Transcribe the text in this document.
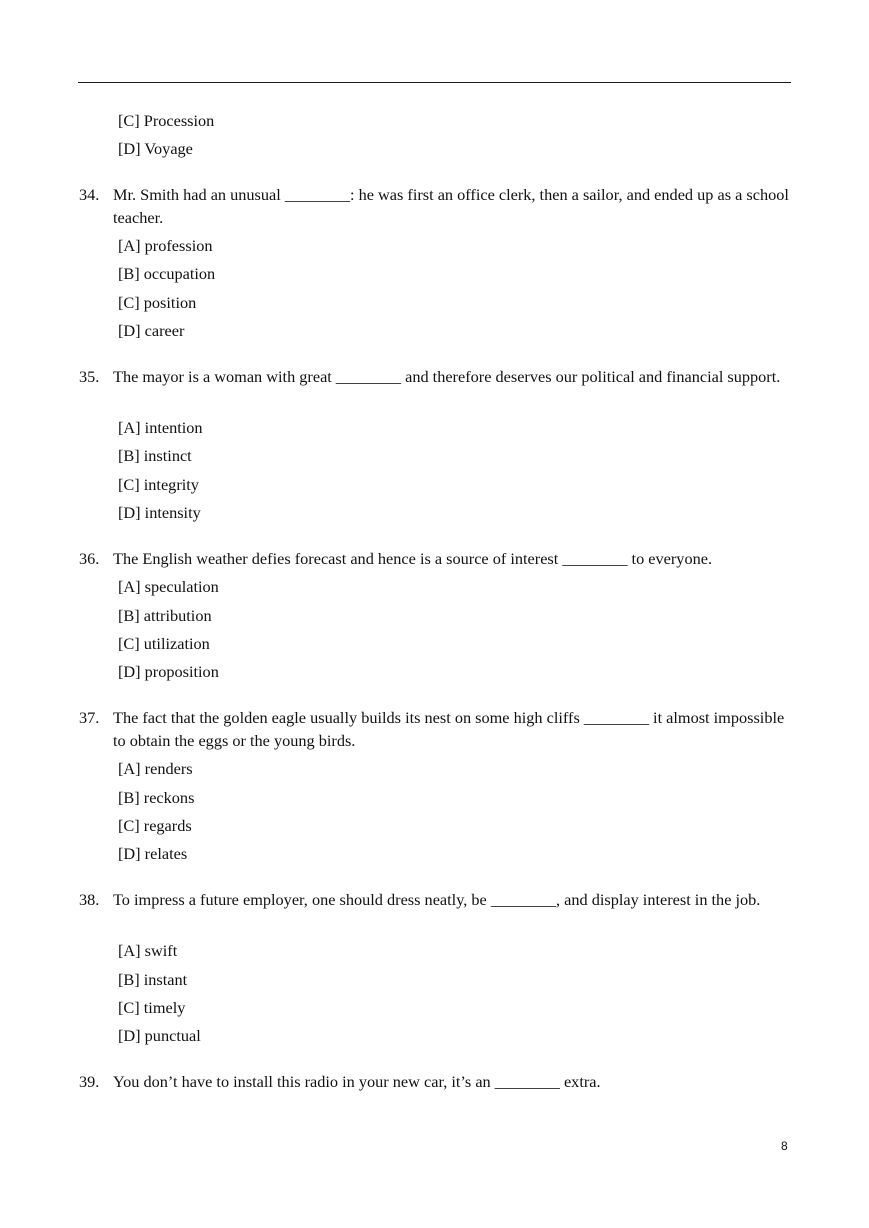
[C] Procession
[D] Voyage
34. Mr. Smith had an unusual ________: he was first an office clerk, then a sailor, and ended up as a school teacher.
[A] profession
[B] occupation
[C] position
[D] career
35. The mayor is a woman with great ________ and therefore deserves our political and financial support.
[A] intention
[B] instinct
[C] integrity
[D] intensity
36. The English weather defies forecast and hence is a source of interest ________ to everyone.
[A] speculation
[B] attribution
[C] utilization
[D] proposition
37. The fact that the golden eagle usually builds its nest on some high cliffs ________ it almost impossible to obtain the eggs or the young birds.
[A] renders
[B] reckons
[C] regards
[D] relates
38. To impress a future employer, one should dress neatly, be ________, and display interest in the job.
[A] swift
[B] instant
[C] timely
[D] punctual
39. You don’t have to install this radio in your new car, it’s an ________ extra.
8
